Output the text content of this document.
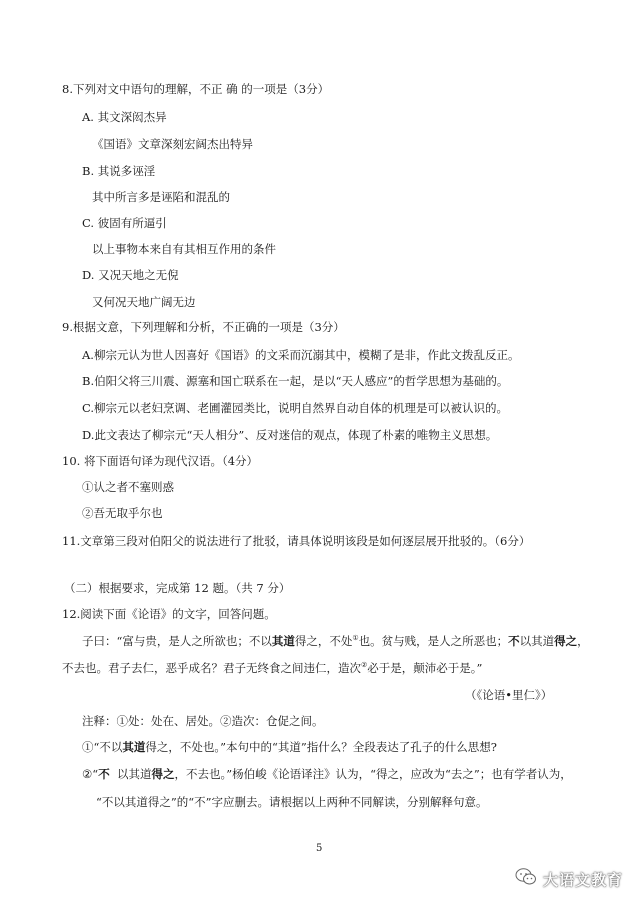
8.下列对文中语句的理解，不正 确 的一项是（3分）
A. 其文深闳杰异
《国语》文章深刻宏阔杰出特异
B. 其说多诬淫
其中所言多是诬陷和混乱的
C. 彼固有所逼引
以上事物本来自有其相互作用的条件
D. 又况天地之无倪
又何况天地广阔无边
9.根据文意，下列理解和分析，不正确的一项是（3分）
A.柳宗元认为世人因喜好《国语》的文采而沉溺其中，模糊了是非，作此文拨乱反正。
B.伯阳父将三川震、源塞和国亡联系在一起，是以“天人感应”的哲学思想为基础的。
C.柳宗元以老妇烹调、老圃灌园类比，说明自然界自动自体的机理是可以被认识的。
D.此文表达了柳宗元“天人相分”、反对迷信的观点，体现了朴素的唯物主义思想。
10. 将下面语句译为现代汉语。（4分）
①认之者不塞则惑
②吾无取乎尔也
11.文章第三段对伯阳父的说法进行了批驳，请具体说明该段是如何逐层展开批驳的。（6分）
（二）根据要求，完成第 12 题。（共 7 分）
12.阅读下面《论语》的文字，回答问题。
子曰：“富与贵，是人之所欲也；不以其道得之，不处①也。贫与贱，是人之所恶也；不以其道得之，
不去也。君子去仁，恶乎成名？君子无终食之间违仁，造次②必于是，颠沛必于是。”
（《论语•里仁》）
注释：①处：处在、居处。②造次：仓促之间。
①“不以其道得之，不处也。”本句中的“其道”指什么？全段表达了孔子的什么思想?
②“不  以其道得之，不去也。”杨伯峻《论语译注》认为，“得之，应改为“去之”；也有学者认为，
“不以其道得之”的“不”字应删去。请根据以上两种不同解读，分别解释句意。
5
大语文教育
